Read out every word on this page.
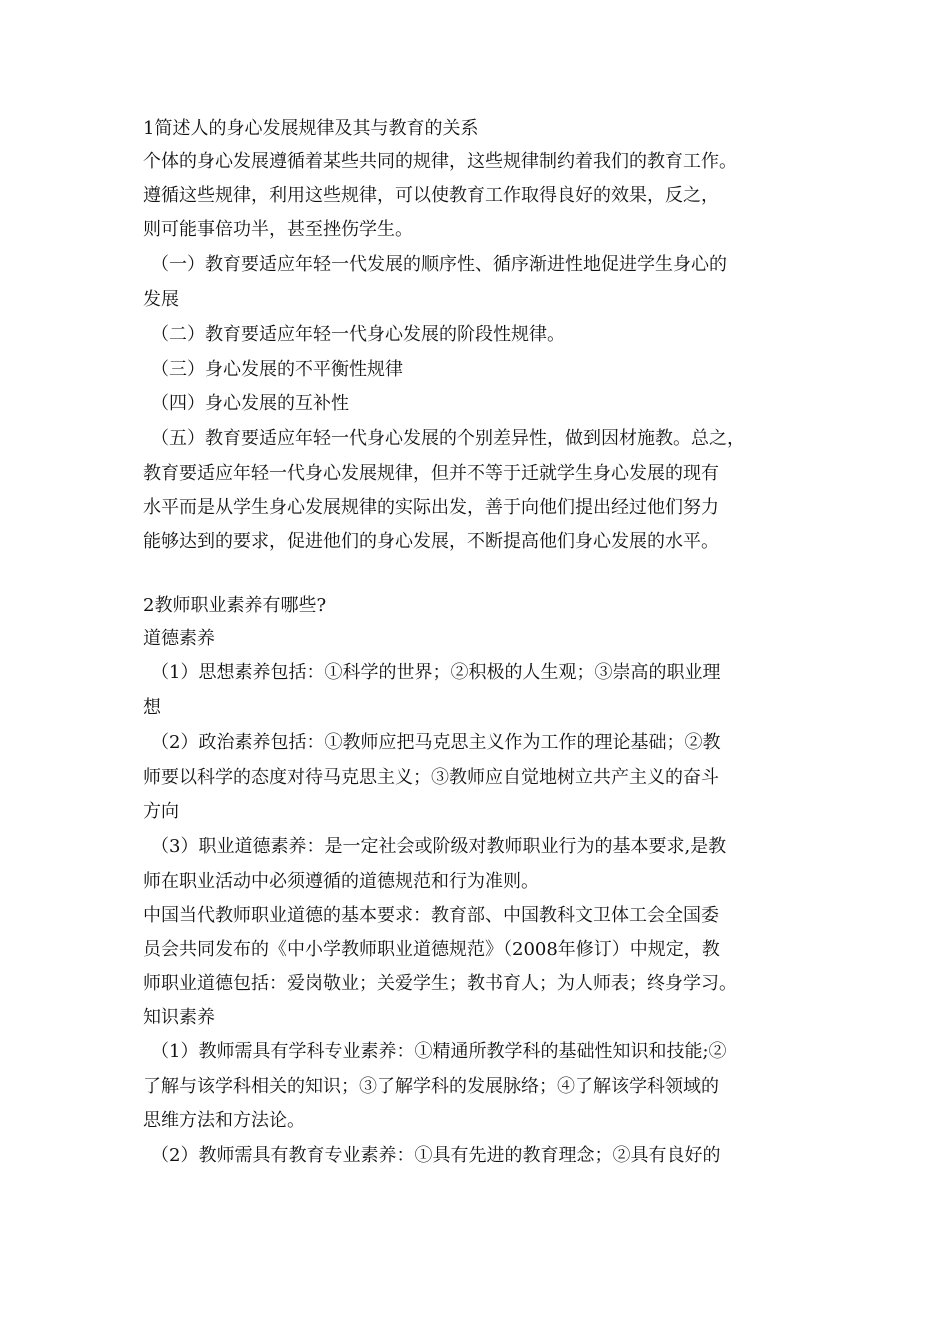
1简述人的身心发展规律及其与教育的关系
个体的身心发展遵循着某些共同的规律，这些规律制约着我们的教育工作。
遵循这些规律，利用这些规律，可以使教育工作取得良好的效果，反之，
则可能事倍功半，甚至挫伤学生。
（一）教育要适应年轻一代发展的顺序性、循序渐进性地促进学生身心的
发展
（二）教育要适应年轻一代身心发展的阶段性规律。
（三）身心发展的不平衡性规律
（四）身心发展的互补性
（五）教育要适应年轻一代身心发展的个别差异性，做到因材施教。总之，
教育要适应年轻一代身心发展规律，但并不等于迁就学生身心发展的现有
水平而是从学生身心发展规律的实际出发，善于向他们提出经过他们努力
能够达到的要求，促进他们的身心发展，不断提高他们身心发展的水平。
2教师职业素养有哪些?
道德素养
（1）思想素养包括：①科学的世界；②积极的人生观；③崇高的职业理
想
（2）政治素养包括：①教师应把马克思主义作为工作的理论基础；②教
师要以科学的态度对待马克思主义；③教师应自觉地树立共产主义的奋斗
方向
（3）职业道德素养：是一定社会或阶级对教师职业行为的基本要求,是教
师在职业活动中必须遵循的道德规范和行为准则。
中国当代教师职业道德的基本要求：教育部、中国教科文卫体工会全国委
员会共同发布的《中小学教师职业道德规范》（2008年修订）中规定，教
师职业道德包括：爱岗敬业；关爱学生；教书育人；为人师表；终身学习。
知识素养
（1）教师需具有学科专业素养：①精通所教学科的基础性知识和技能;②
了解与该学科相关的知识；③了解学科的发展脉络；④了解该学科领域的
思维方法和方法论。
（2）教师需具有教育专业素养：①具有先进的教育理念；②具有良好的
